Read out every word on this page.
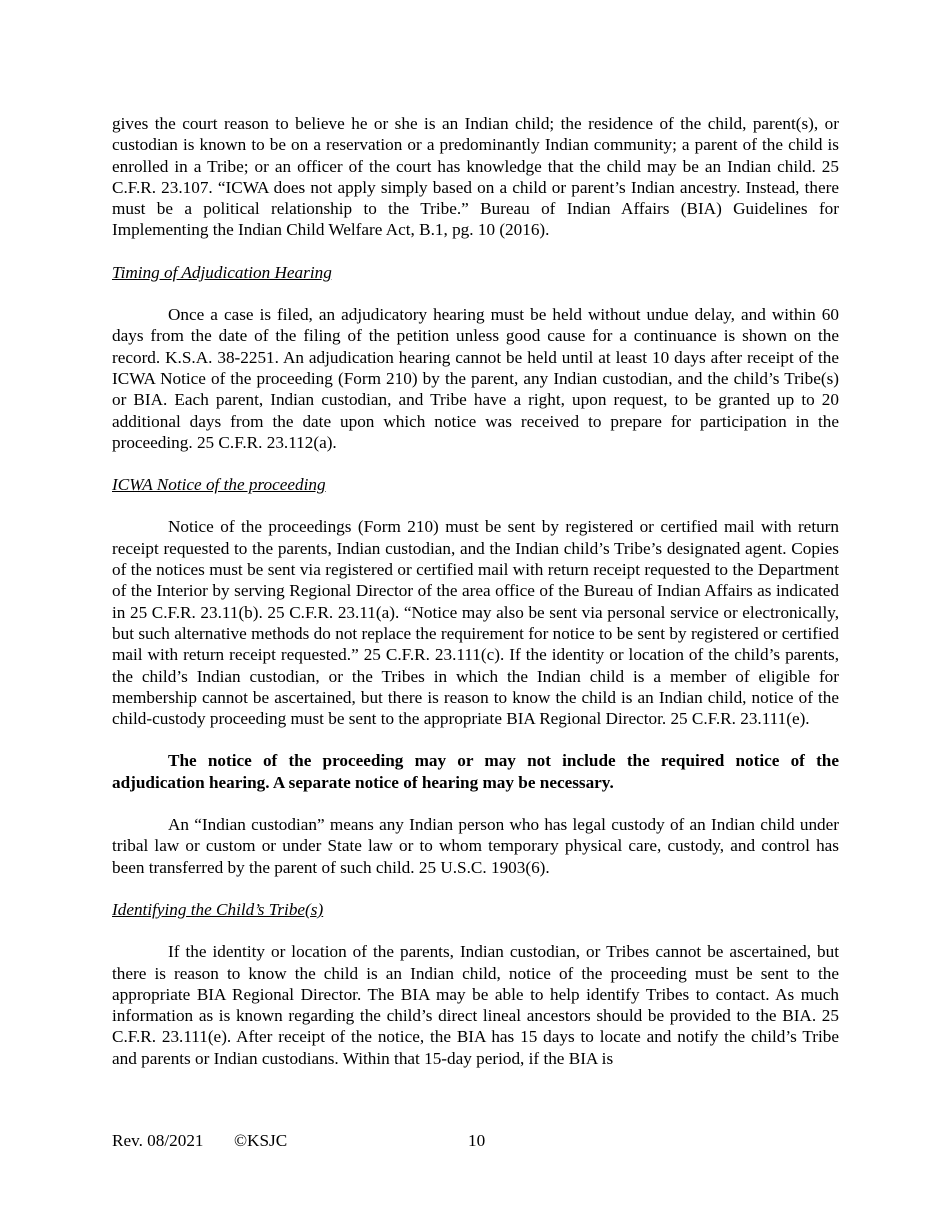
gives the court reason to believe he or she is an Indian child; the residence of the child, parent(s), or custodian is known to be on a reservation or a predominantly Indian community; a parent of the child is enrolled in a Tribe; or an officer of the court has knowledge that the child may be an Indian child. 25 C.F.R. 23.107. “ICWA does not apply simply based on a child or parent’s Indian ancestry. Instead, there must be a political relationship to the Tribe.” Bureau of Indian Affairs (BIA) Guidelines for Implementing the Indian Child Welfare Act, B.1, pg. 10 (2016).

Timing of Adjudication Hearing

Once a case is filed, an adjudicatory hearing must be held without undue delay, and within 60 days from the date of the filing of the petition unless good cause for a continuance is shown on the record. K.S.A. 38-2251. An adjudication hearing cannot be held until at least 10 days after receipt of the ICWA Notice of the proceeding (Form 210) by the parent, any Indian custodian, and the child’s Tribe(s) or BIA. Each parent, Indian custodian, and Tribe have a right, upon request, to be granted up to 20 additional days from the date upon which notice was received to prepare for participation in the proceeding. 25 C.F.R. 23.112(a).

ICWA Notice of the proceeding

Notice of the proceedings (Form 210) must be sent by registered or certified mail with return receipt requested to the parents, Indian custodian, and the Indian child’s Tribe’s designated agent. Copies of the notices must be sent via registered or certified mail with return receipt requested to the Department of the Interior by serving Regional Director of the area office of the Bureau of Indian Affairs as indicated in 25 C.F.R. 23.11(b). 25 C.F.R. 23.11(a). “Notice may also be sent via personal service or electronically, but such alternative methods do not replace the requirement for notice to be sent by registered or certified mail with return receipt requested.” 25 C.F.R. 23.111(c). If the identity or location of the child’s parents, the child’s Indian custodian, or the Tribes in which the Indian child is a member of eligible for membership cannot be ascertained, but there is reason to know the child is an Indian child, notice of the child-custody proceeding must be sent to the appropriate BIA Regional Director. 25 C.F.R. 23.111(e).

The notice of the proceeding may or may not include the required notice of the adjudication hearing. A separate notice of hearing may be necessary.

An “Indian custodian” means any Indian person who has legal custody of an Indian child under tribal law or custom or under State law or to whom temporary physical care, custody, and control has been transferred by the parent of such child. 25 U.S.C. 1903(6).

Identifying the Child’s Tribe(s)

If the identity or location of the parents, Indian custodian, or Tribes cannot be ascertained, but there is reason to know the child is an Indian child, notice of the proceeding must be sent to the appropriate BIA Regional Director. The BIA may be able to help identify Tribes to contact. As much information as is known regarding the child’s direct lineal ancestors should be provided to the BIA. 25 C.F.R. 23.111(e). After receipt of the notice, the BIA has 15 days to locate and notify the child’s Tribe and parents or Indian custodians. Within that 15-day period, if the BIA is

Rev. 08/2021 ©KSJC	10
